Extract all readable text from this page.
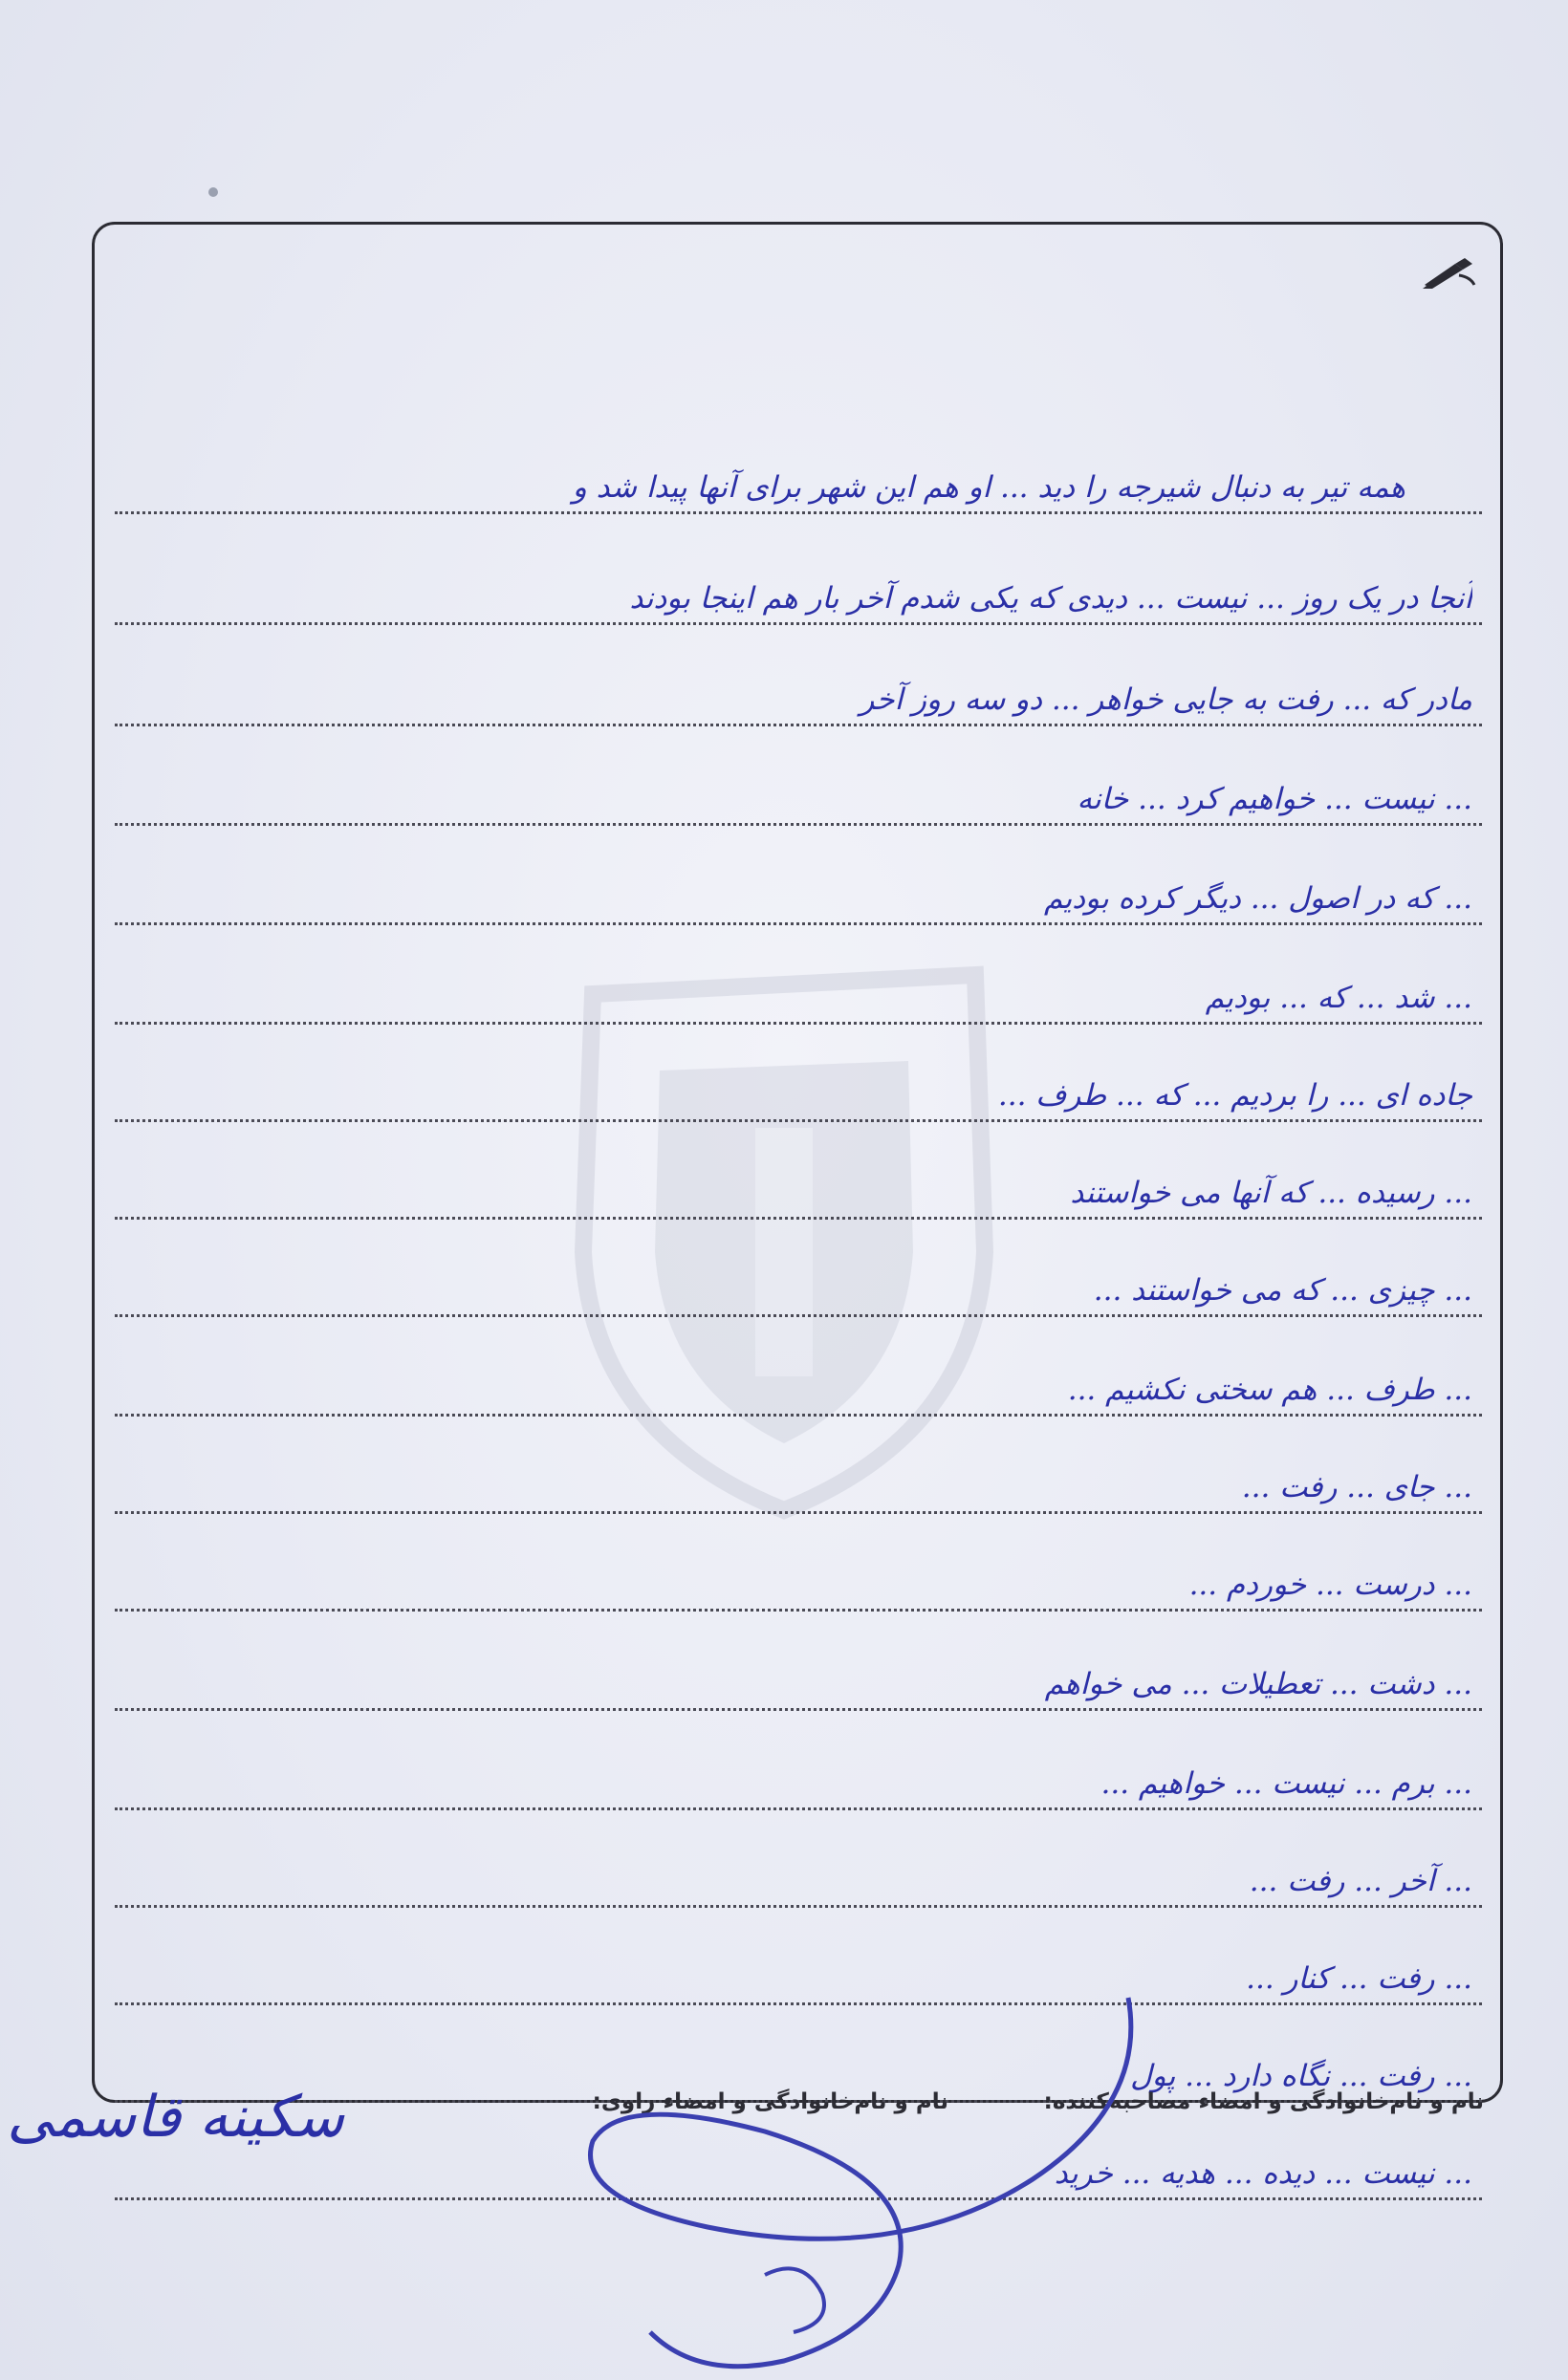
همه تیر به دنبال شیرجه را دید ... او هم این شهر برای آنها پیدا شد و
آنجا در یک روز ... نیست ... دیدی که یکی شدم آخر بار هم اینجا بودند
مادر که ... رفت به جایی خواهر ... دو سه روز آخر
... نیست ... خواهیم کرد ... خانه
... که در اصول ... دیگر کرده بودیم
... شد ... که ... بودیم
جاده ای ... را بردیم ... که ... طرف ...
... رسیده ... که آنها می خواستند
... چیزی ... که می خواستند ...
... طرف ... هم سختی نکشیم ...
... جای ... رفت ...
... درست ... خوردم ...
... دشت ... تعطیلات ... می خواهم
... برم ... نیست ... خواهیم ...
... آخر ... رفت ...
... رفت ... کنار ...
... رفت ... نگاه دارد ... پول
... نیست ... دیده ... هدیه ... خرید
نام و نام‌خانوادگی و امضاء مصاحبه‌کننده:
نام و نام‌خانوادگی و امضاء راوی:
سکینه قاسمی
